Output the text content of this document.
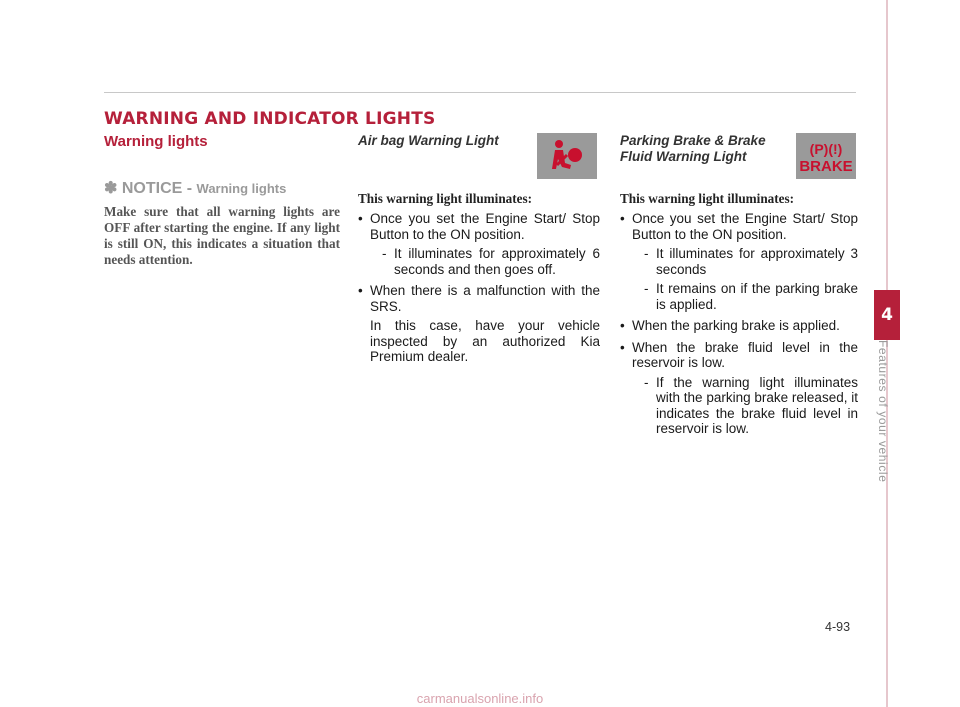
WARNING AND INDICATOR LIGHTS
Warning lights
✽ NOTICE - Warning lights
Make sure that all warning lights are OFF after starting the engine. If any light is still ON, this indicates a situation that needs attention.
Air bag Warning Light
This warning light illuminates:
• Once you set the Engine Start/ Stop Button to the ON position.
- It illuminates for approximately 6 seconds and then goes off.
• When there is a malfunction with the SRS.
In this case, have your vehicle inspected by an authorized Kia Premium dealer.
Parking Brake & Brake
Fluid Warning Light
This warning light illuminates:
• Once you set the Engine Start/ Stop Button to the ON position.
- It illuminates for approximately 3 seconds
- It remains on if the parking brake is applied.
• When the parking brake is applied.
• When the brake fluid level in the reservoir is low.
- If the warning light illuminates with the parking brake released, it indicates the brake fluid level in reservoir is low.
(P)(!)
BRAKE
4
Features of your vehicle
4-93
carmanualsonline.info
